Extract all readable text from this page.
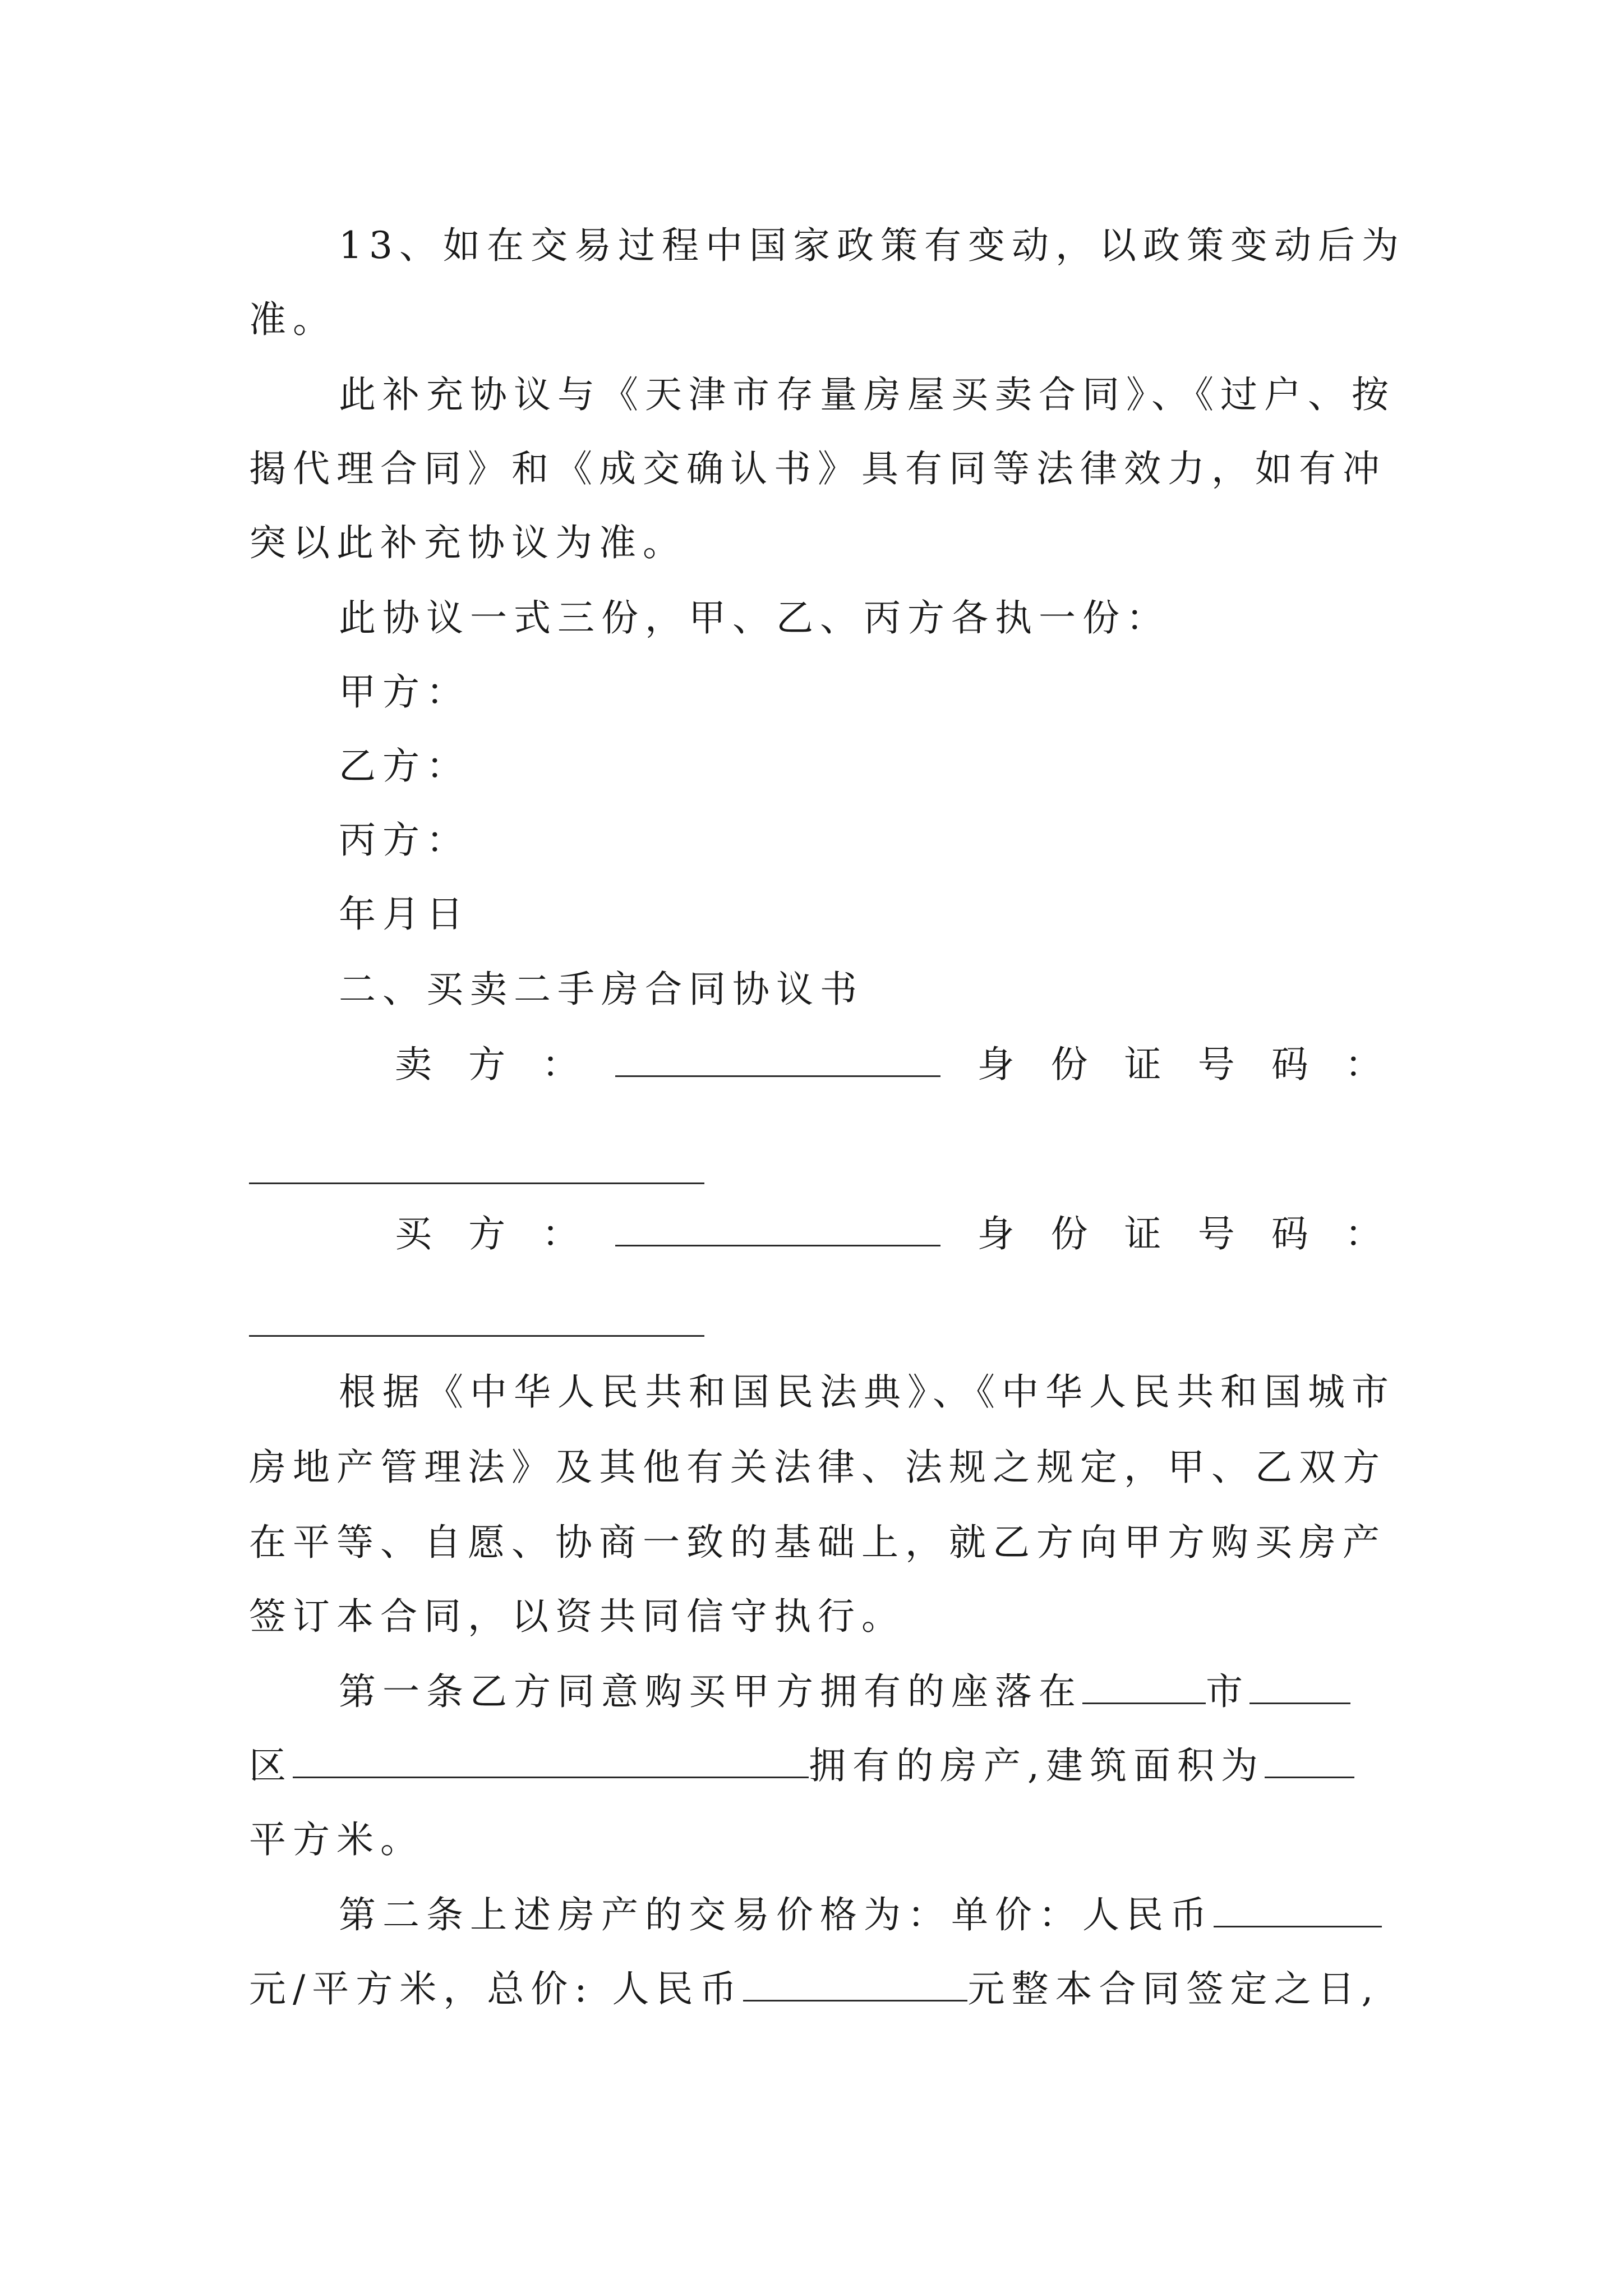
13、如在交易过程中国家政策有变动，以政策变动后为
准。
此补充协议与《天津市存量房屋买卖合同》、《过户、按
揭代理合同》和《成交确认书》具有同等法律效力，如有冲
突以此补充协议为准。
此协议一式三份，甲、乙、丙方各执一份：
甲方：
乙方：
丙方：
年月日
二、买卖二手房合同协议书
卖 方 ：	身 份 证 号 码 ：
买 方 ：	身 份 证 号 码 ：
根据《中华人民共和国民法典》、《中华人民共和国城市
房地产管理法》及其他有关法律、法规之规定，甲、乙双方
在平等、自愿、协商一致的基础上，就乙方向甲方购买房产
签订本合同，以资共同信守执行。
第一条乙方同意购买甲方拥有的座落在	市
区	拥有的房产,建筑面积为
平方米。
第二条上述房产的交易价格为：单价：人民币
元/平方米，总价: 人民币	元整本合同签定之日,
